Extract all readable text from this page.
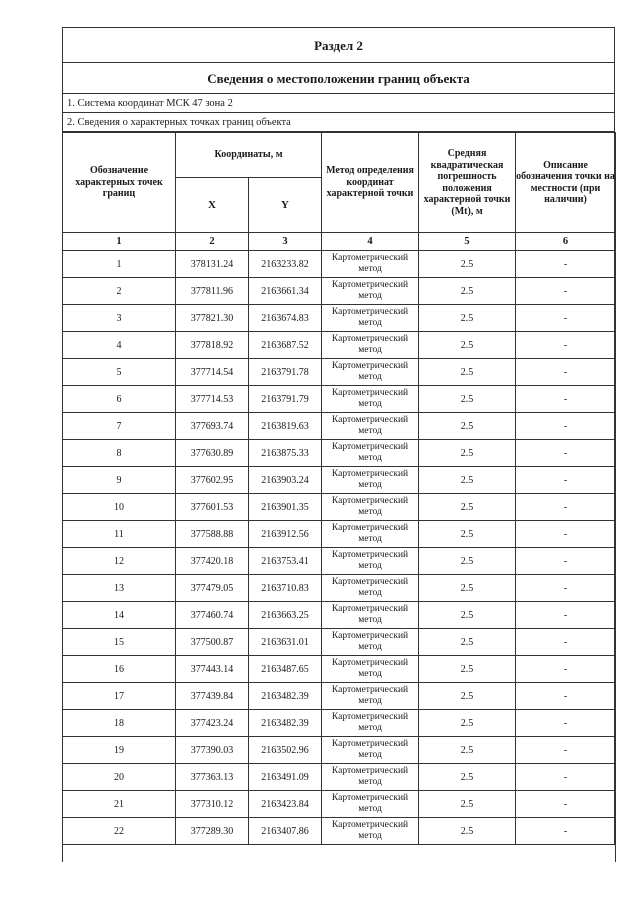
Раздел 2
Сведения о местоположении границ объекта
1. Система координат МСК 47 зона 2
2. Сведения о характерных точках границ объекта
Обозначение характерных точек границ	Координаты, м		Метод определения координат характерной точки	Средняя квадратическая погрешность положения характерной точки (Mt), м	Описание обозначения точки на местности (при наличии)
	X	Y			
1	2	3	4	5	6
1	378131.24	2163233.82	Картометрический метод	2.5	-
2	377811.96	2163661.34	Картометрический метод	2.5	-
3	377821.30	2163674.83	Картометрический метод	2.5	-
4	377818.92	2163687.52	Картометрический метод	2.5	-
5	377714.54	2163791.78	Картометрический метод	2.5	-
6	377714.53	2163791.79	Картометрический метод	2.5	-
7	377693.74	2163819.63	Картометрический метод	2.5	-
8	377630.89	2163875.33	Картометрический метод	2.5	-
9	377602.95	2163903.24	Картометрический метод	2.5	-
10	377601.53	2163901.35	Картометрический метод	2.5	-
11	377588.88	2163912.56	Картометрический метод	2.5	-
12	377420.18	2163753.41	Картометрический метод	2.5	-
13	377479.05	2163710.83	Картометрический метод	2.5	-
14	377460.74	2163663.25	Картометрический метод	2.5	-
15	377500.87	2163631.01	Картометрический метод	2.5	-
16	377443.14	2163487.65	Картометрический метод	2.5	-
17	377439.84	2163482.39	Картометрический метод	2.5	-
18	377423.24	2163482.39	Картометрический метод	2.5	-
19	377390.03	2163502.96	Картометрический метод	2.5	-
20	377363.13	2163491.09	Картометрический метод	2.5	-
21	377310.12	2163423.84	Картометрический метод	2.5	-
22	377289.30	2163407.86	Картометрический метод	2.5	-
